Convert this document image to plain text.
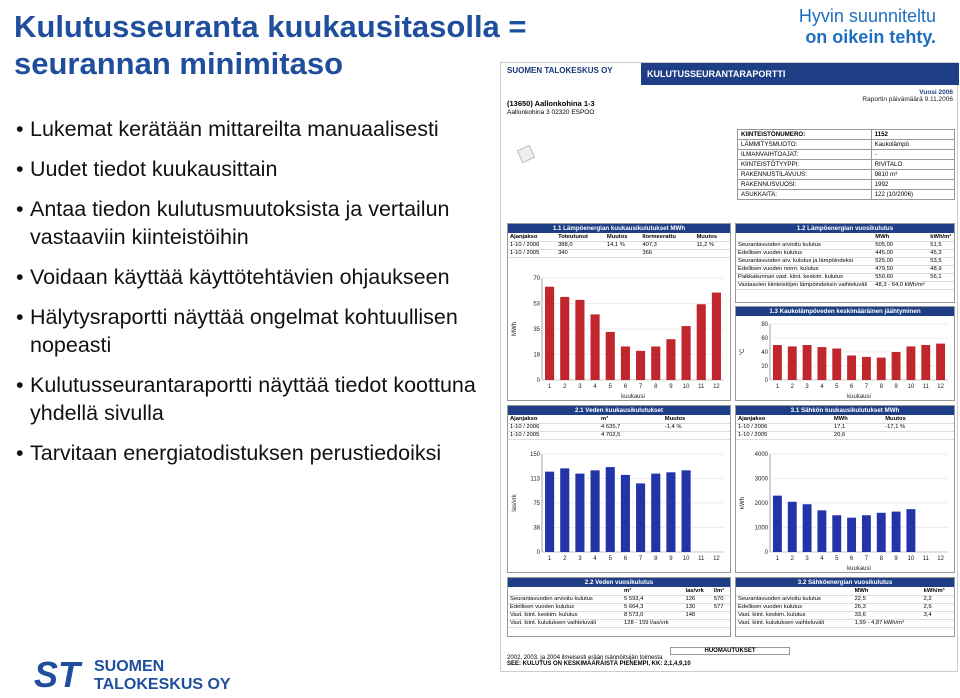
Kulutusseuranta kuukausitasolla =
seurannan minimitaso
Hyvin suunniteltu
on oikein tehty.
• Lukemat kerätään mittareilta manuaalisesti
• Uudet tiedot kuukausittain
• Antaa tiedon kulutusmuutoksista ja vertailun vastaaviin kiinteistöihin
• Voidaan käyttää käyttötehtävien ohjaukseen
• Hälytysraportti näyttää ongelmat kohtuullisen nopeasti
• Kulutusseurantaraportti näyttää tiedot koottuna yhdellä sivulla
• Tarvitaan energiatodistuksen perustiedoiksi
ST SUOMEN
TALOKESKUS OY
SUOMEN TALOKESKUS OY	KULUTUSSEURANTARAPORTTI
Vuosi 2006
Raportin päivämäärä 9.11.2006
(13650) Aallonkohina 1-3
Aallonkohina 3 02320 ESPOO
KIINTEISTÖNUMERO:	1152
LÄMMITYSMUOTO:	Kaukolämpö
ILMANVAIHTOAJAT:	-
KIINTEISTÖTYYPPI:	RIVITALO
RAKENNUSTILAVUUS:	9810 m³
RAKENNUSVUOSI:	1992
ASUKKAITA:	122 (10/2006)
1.1 Lämpöenergian kuukausikulutukset MWh
Ajanjakso	Toteutunut	Muutos	Ilormeerattu	Muutos
1-10 / 2006	388,0	14,1 %	407,3	11,2 %
1-10 / 2005	340		366	
0
18
35
53
70
1 2 3 4 5 6 7 8 9 10 11 12
kuukausi
MWh
1.2 Lämpöenergian vuosikulutus
	MWh	kWh/m³
Seurantavuoden arvioitu kulutus	505,00	51,5
Edellisen vuoden kulutus	445,00	45,3
Seurantavuoden arv. kulutus ja lämpöindeksi	525,00	53,5
Edellisen vuoden norm. kulutus	479,50	48,9
Paikkakunnan vast. kiint. keskim. kulutus	550,60	56,1
Vastaavien kiinteistöjen lämpöindeksin vaihteluväli	48,3 - 64,0 kWh/m³	
1.3 Kaukolämpöveden keskimääräinen jäähtyminen
0
20
40
60
80
1 2 3 4 5 6 7 8 9 10 11 12
kuukausi
°C
2.1 Veden kuukausikulutukset
Ajanjakso	m³	Muutos
1-10 / 2006	4 635,7	-1,4 %
1-10 / 2005	4 702,5	
0
38
75
113
150
1 2 3 4 5 6 7 8 9 10 11 12
las/vrk
3.1 Sähkön kuukausikulutukset MWh
Ajanjakso	MWh	Muutos
1-10 / 2006	17,1	-17,1 %
1-10 / 2005	20,6	
0
1000
2000
3000
4000
1 2 3 4 5 6 7 8 9 10 11 12
kuukausi
kWh
2.2 Veden vuosikulutus
	m³	las/vrk	l/m³
Seurantavuoden arvioitu kulutus	5 593,4	126	570
Edellisen vuoden kulutus	5 664,3	130	577
Vast. kiint. keskim. kulutus	8 573,0	148	
Vast. kiint. kulutuksen vaihteluväli	128 - 159 l/as/vrk		
3.2 Sähköenergian vuosikulutus
	MWh	kWh/m³
Seurantavuoden arvioitu kulutus	22,5	2,2
Edellisen vuoden kulutus	26,3	2,6
Vast. kiint. keskim. kulutus	33,6	3,4
Vast. kiint. kulutuksen vaihteluväli	1,99 - 4,87 kWh/m³	
HUOMAUTUKSET
2002, 2003, ja 2004 ilmeisesti erään isännöitsijän toimesta
SEE: KULUTUS ON KESKIMÄÄRÄISTÄ PIENEMPI, KK: 2,1,4,9,10
